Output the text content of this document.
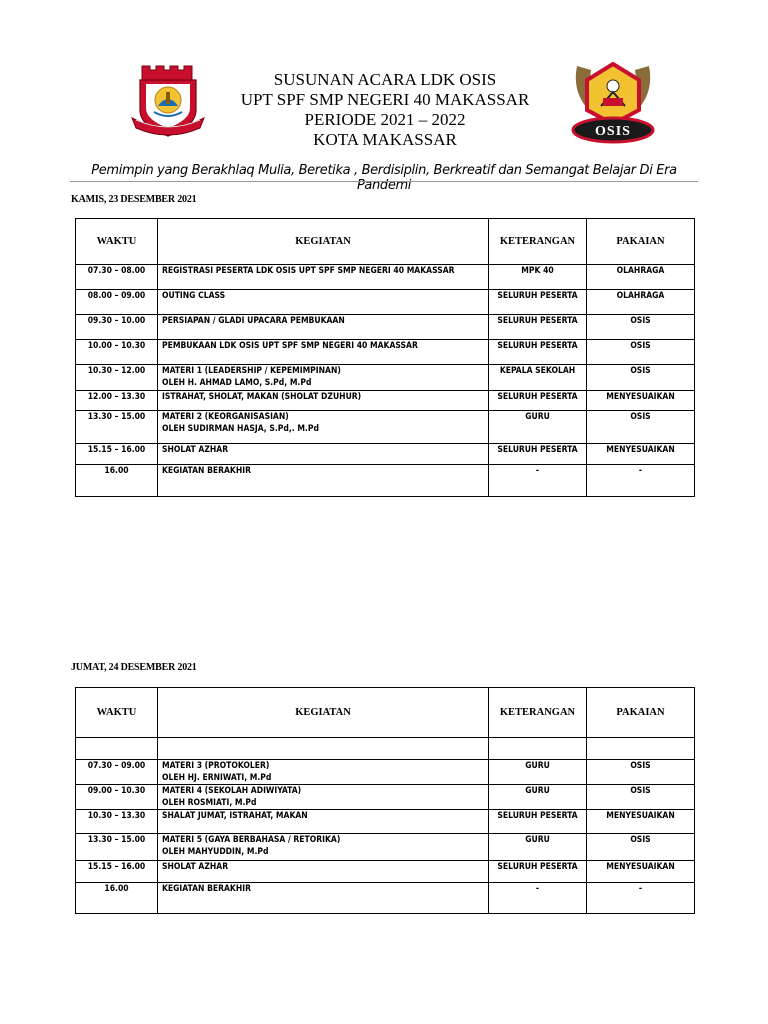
SUSUNAN ACARA LDK OSIS
UPT SPF SMP NEGERI 40 MAKASSAR
PERIODE 2021 – 2022
KOTA MAKASSAR	OSIS
Pemimpin yang Berakhlaq Mulia, Beretika , Berdisiplin, Berkreatif dan Semangat Belajar Di Era Pandemi
KAMIS, 23 DESEMBER 2021
WAKTU	KEGIATAN	KETERANGAN	PAKAIAN
07.30 – 08.00	REGISTRASI PESERTA LDK OSIS UPT SPF SMP NEGERI 40 MAKASSAR	MPK 40	OLAHRAGA
08.00 – 09.00	OUTING CLASS	SELURUH PESERTA	OLAHRAGA
09.30 – 10.00	PERSIAPAN / GLADI UPACARA PEMBUKAAN	SELURUH PESERTA	OSIS
10.00 – 10.30	PEMBUKAAN LDK OSIS UPT SPF SMP NEGERI 40 MAKASSAR	SELURUH PESERTA	OSIS
10.30 – 12.00	MATERI 1 (LEADERSHIP / KEPEMIMPINAN)
OLEH H. AHMAD LAMO, S.Pd, M.Pd	KEPALA SEKOLAH	OSIS
12.00 – 13.30	ISTRAHAT, SHOLAT, MAKAN (SHOLAT DZUHUR)	SELURUH PESERTA	MENYESUAIKAN
13.30 – 15.00	MATERI 2 (KEORGANISASIAN)
OLEH SUDIRMAN HASJA, S.Pd,. M.Pd	GURU	OSIS
15.15 – 16.00	SHOLAT AZHAR	SELURUH PESERTA	MENYESUAIKAN
16.00	KEGIATAN BERAKHIR	-	-
JUMAT, 24 DESEMBER 2021
WAKTU	KEGIATAN	KETERANGAN	PAKAIAN

07.30 – 09.00	MATERI 3 (PROTOKOLER)
OLEH HJ. ERNIWATI, M.Pd	GURU	OSIS
09.00 – 10.30	MATERI 4 (SEKOLAH ADIWIYATA)
OLEH ROSMIATI, M.Pd	GURU	OSIS
10.30 – 13.30	SHALAT JUMAT, ISTRAHAT, MAKAN	SELURUH PESERTA	MENYESUAIKAN
13.30 – 15.00	MATERI 5 (GAYA BERBAHASA / RETORIKA)
OLEH MAHYUDDIN, M.Pd	GURU	OSIS
15.15 – 16.00	SHOLAT AZHAR	SELURUH PESERTA	MENYESUAIKAN
16.00	KEGIATAN BERAKHIR	-	-
